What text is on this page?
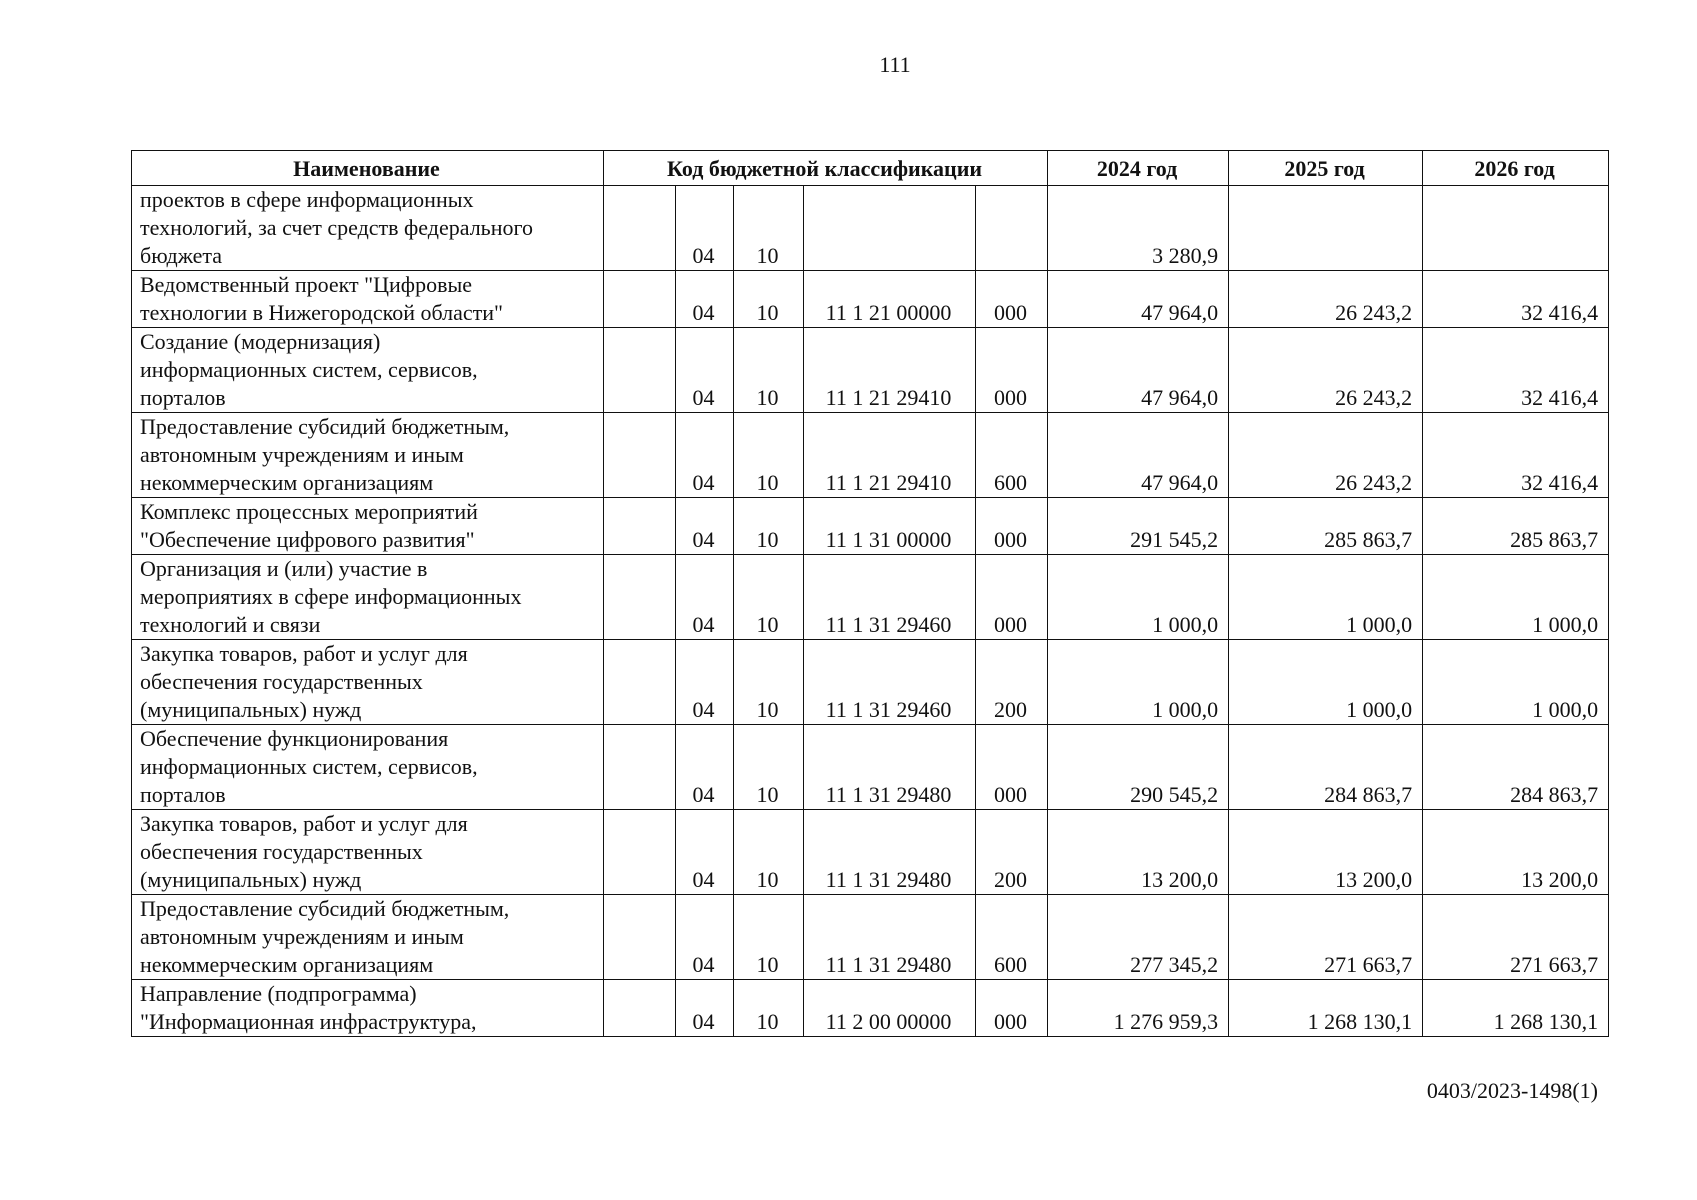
111
Наименование	Код бюджетной классификации					2024 год	2025 год	2026 год
проектов в сфере информационных
технологий, за счет средств федерального
бюджета		04	10			3 280,9		
Ведомственный проект "Цифровые
технологии в Нижегородской области"		04	10	11 1 21 00000	000	47 964,0	26 243,2	32 416,4
Создание (модернизация)
информационных систем, сервисов,
порталов		04	10	11 1 21 29410	000	47 964,0	26 243,2	32 416,4
Предоставление субсидий бюджетным,
автономным учреждениям и иным
некоммерческим организациям		04	10	11 1 21 29410	600	47 964,0	26 243,2	32 416,4
Комплекс процессных мероприятий
"Обеспечение цифрового развития"		04	10	11 1 31 00000	000	291 545,2	285 863,7	285 863,7
Организация и (или) участие в
мероприятиях в сфере информационных
технологий и связи		04	10	11 1 31 29460	000	1 000,0	1 000,0	1 000,0
Закупка товаров, работ и услуг для
обеспечения государственных
(муниципальных) нужд		04	10	11 1 31 29460	200	1 000,0	1 000,0	1 000,0
Обеспечение функционирования
информационных систем, сервисов,
порталов		04	10	11 1 31 29480	000	290 545,2	284 863,7	284 863,7
Закупка товаров, работ и услуг для
обеспечения государственных
(муниципальных) нужд		04	10	11 1 31 29480	200	13 200,0	13 200,0	13 200,0
Предоставление субсидий бюджетным,
автономным учреждениям и иным
некоммерческим организациям		04	10	11 1 31 29480	600	277 345,2	271 663,7	271 663,7
Направление (подпрограмма)
"Информационная инфраструктура,		04	10	11 2 00 00000	000	1 276 959,3	1 268 130,1	1 268 130,1
0403/2023-1498(1)
